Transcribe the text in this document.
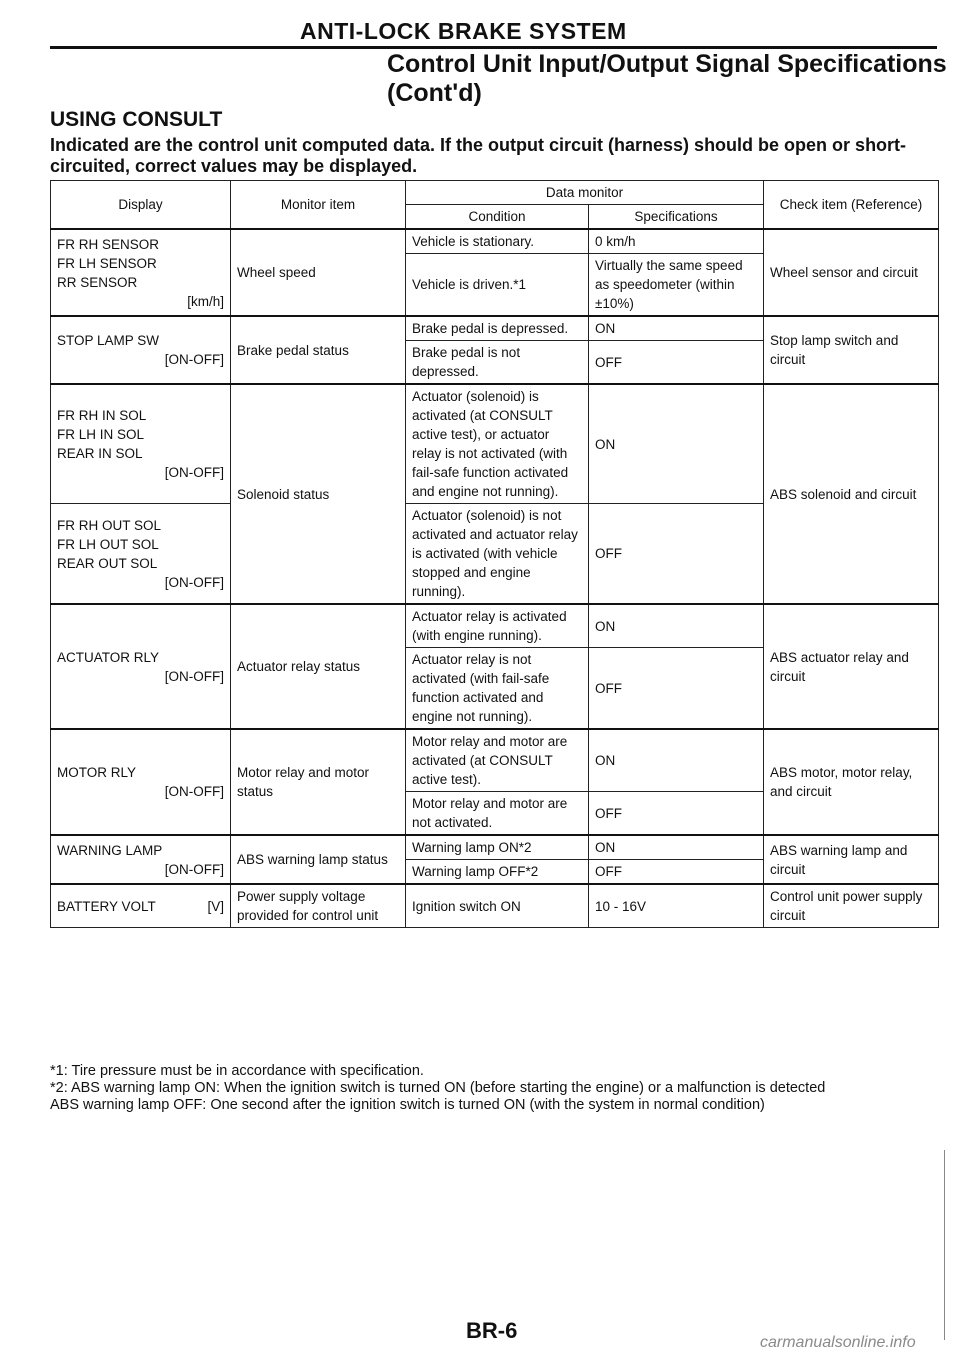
ANTI-LOCK BRAKE SYSTEM
Control Unit Input/Output Signal Specifications
(Cont'd)
USING CONSULT
Indicated are the control unit computed data. If the output circuit (harness) should be open or short-circuited, correct values may be displayed.
Display	Monitor item	Data monitor		Check item (Reference)
		Condition	Specifications	

FR RH SENSOR
FR LH SENSOR
RR SENSOR
[km/h]	Wheel speed	Vehicle is stationary.	0 km/h	Wheel sensor and circuit
		Vehicle is driven.*1	Virtually the same speed as speedometer (within ±10%)	

STOP LAMP SW
[ON-OFF]	Brake pedal status	Brake pedal is depressed.	ON	Stop lamp switch and circuit
		Brake pedal is not depressed.	OFF	

FR RH IN SOL
FR LH IN SOL
REAR IN SOL
[ON-OFF]	Solenoid status	Actuator (solenoid) is activated (at CONSULT active test), or actuator relay is not activated (with fail-safe function activated and engine not running).	ON	ABS solenoid and circuit

FR RH OUT SOL
FR LH OUT SOL
REAR OUT SOL
[ON-OFF]		Actuator (solenoid) is not activated and actuator relay is activated (with vehicle stopped and engine running).	OFF	

ACTUATOR RLY
[ON-OFF]	Actuator relay status	Actuator relay is activated (with engine running).	ON	ABS actuator relay and circuit
		Actuator relay is not activated (with fail-safe function activated and engine not running).	OFF	

MOTOR RLY
[ON-OFF]	Motor relay and motor status	Motor relay and motor are activated (at CONSULT active test).	ON	ABS motor, motor relay, and circuit
		Motor relay and motor are not activated.	OFF	

WARNING LAMP
[ON-OFF]	ABS warning lamp status	Warning lamp ON*2	ON	ABS warning lamp and circuit
		Warning lamp OFF*2	OFF	
BATTERY VOLT [V]	Power supply voltage provided for control unit	Ignition switch ON	10 - 16V	Control unit power supply circuit
*1: Tire pressure must be in accordance with specification.
*2: ABS warning lamp ON: When the ignition switch is turned ON (before starting the engine) or a malfunction is detected
ABS warning lamp OFF: One second after the ignition switch is turned ON (with the system in normal condition)
BR-6	carmanualsonline.info
